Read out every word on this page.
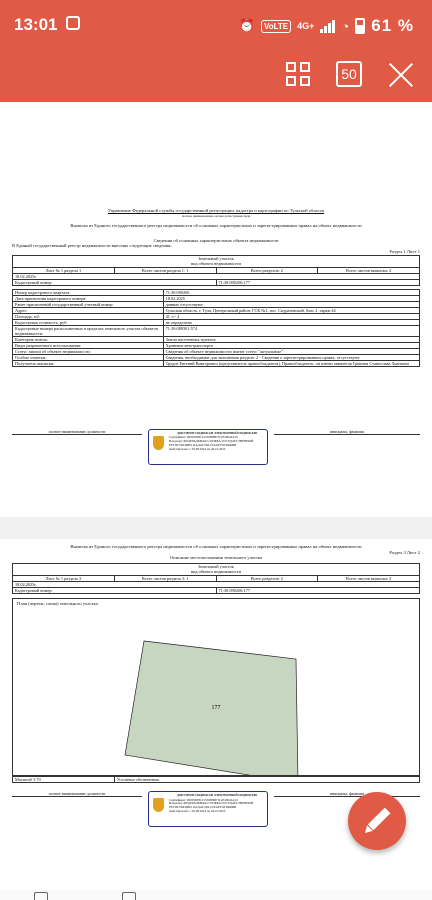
13:01	⏰	VoLTE	4G+ ◔ 61 %
50
Управление Федеральной службы государственной регистрации, кадастра и картографии по Тульской области
полное наименование органа регистрации прав
Выписка из Единого государственного реестра недвижимости об основных характеристиках и зарегистрированных правах на объект недвижимости
Сведения об основных характеристиках объекта недвижимости
В Единый государственный реестр недвижимости внесены следующие сведения:
Раздел 1 Лист 1
Земельный участок			
вид объекта недвижимости			
Лист № 1 раздела 1	Всего листов раздела 1: 1	Всего разделов: 2	Всего листов выписки: 2
18.02.2025г.			
Кадастровый номер:		71:30:090206:177	
Номер кадастрового квартала:	71:30:090206
Дата присвоения кадастрового номера:	18.02.2025
Ранее присвоенный государственный учетный номер:	данные отсутствуют
Адрес:	Тульская область, г. Тула, Центральный район, ГСК №1, пос. Скуратовский, бокс 2, гараж 44
Площадь, м2:	41 +/- 2
Кадастровая стоимость, руб:	не определена
Кадастровые номера расположенных в пределах земельного участка объектов недвижимости:	71:30:080301:574
Категория земель:	Земли населенных пунктов
Виды разрешенного использования:	Хранение автотранспорта
Статус записи об объекте недвижимости:	Сведения об объекте недвижимости имеют статус "актуальные"
Особые отметки:	Сведения, необходимые для заполнения раздела: 2 - Сведения о зарегистрированных правах, отсутствуют
Получатель выписки:	Трудов Евгений Викторович (представитель правообладателя), Правообладатель: он имени заявителя Грошева Станислава Львовича
полное наименование должности	ДОКУМЕНТ ПОДПИСАН ЭЛЕКТРОННОЙ ПОДПИСЬЮ
Сертификат: 00903058C01530D89E3C4F29042A16
Владелец: ФЕДЕРАЛЬНАЯ СЛУЖБА ГОСУДАРСТВЕННОЙ
РЕГИСТРАЦИИ, КАДАСТРА И КАРТОГРАФИИ
Действителен: с 02.08.2024 по 26.10.2025
инициалы, фамилия
Выписка из Единого государственного реестра недвижимости об основных характеристиках и зарегистрированных правах на объект недвижимости
Раздел 3 Лист 2
Описание местоположения земельного участка
Земельный участок			
вид объекта недвижимости			
Лист № 1 раздела 3	Всего листов раздела 3: 1	Всего разделов: 2	Всего листов выписки: 2
18.02.2025г.			
Кадастровый номер:		71:30:090206:177	
План (чертеж, схема) земельного участка
177
Масштаб 1:70	Условные обозначения:
полное наименование должности	ДОКУМЕНТ ПОДПИСАН ЭЛЕКТРОННОЙ ПОДПИСЬЮ
Сертификат: 00903058C01530D89E3C4F29042A16
Владелец: ФЕДЕРАЛЬНАЯ СЛУЖБА ГОСУДАРСТВЕННОЙ
РЕГИСТРАЦИИ, КАДАСТРА И КАРТОГРАФИИ
Действителен: с 02.08.2024 по 26.10.2025
инициалы, фамилия
